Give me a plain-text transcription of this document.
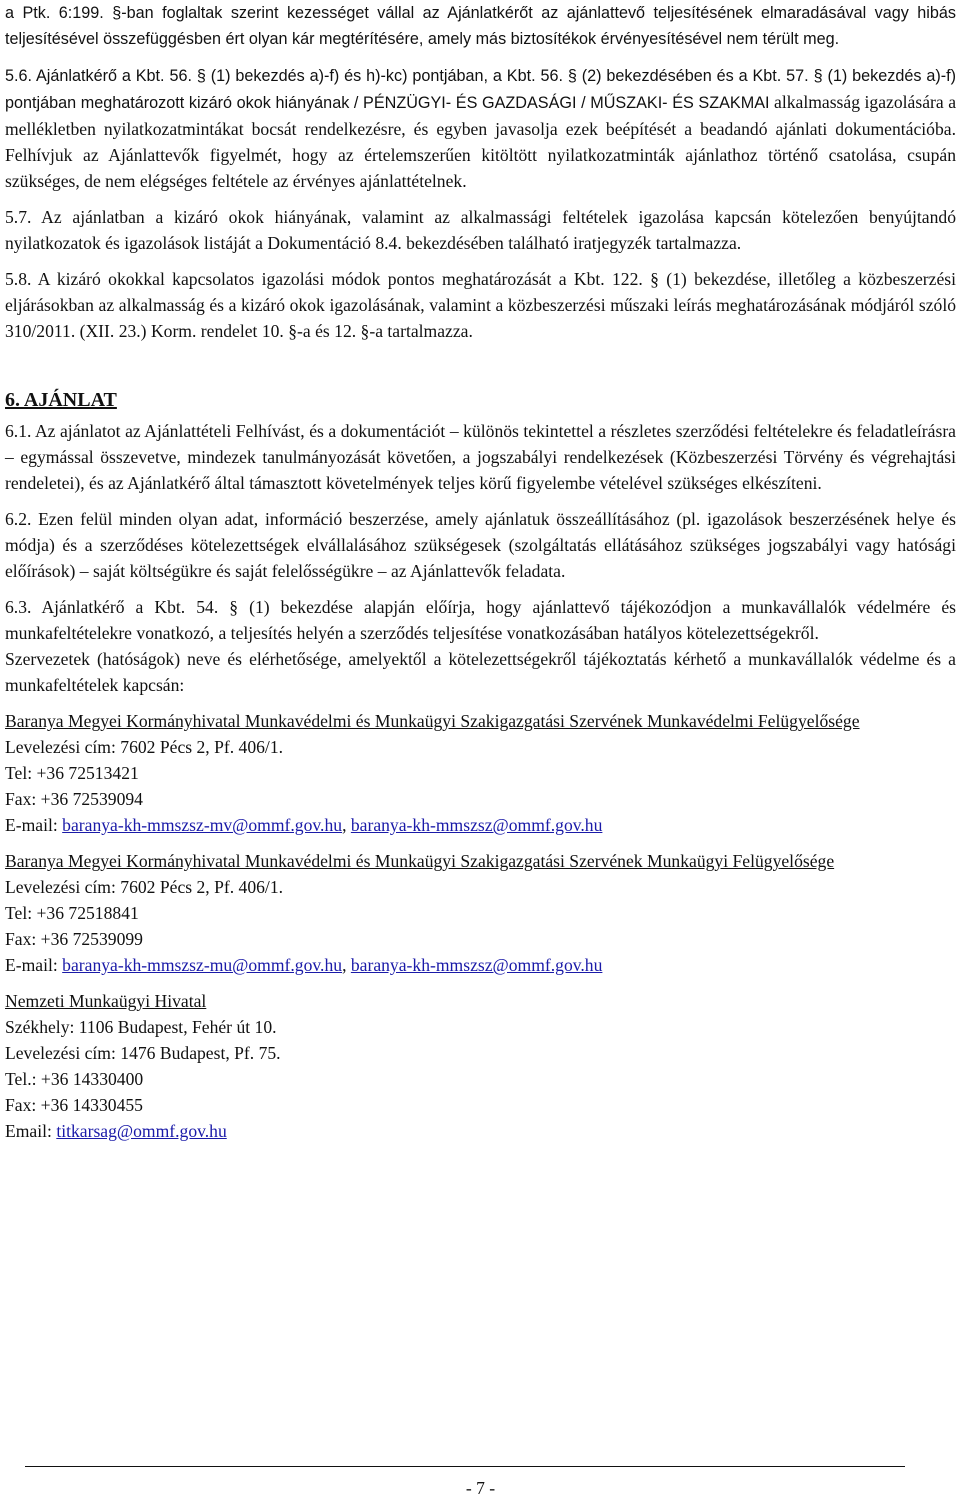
a Ptk. 6:199. §-ban foglaltak szerint kezességet vállal az Ajánlatkérőt az ajánlattevő teljesítésének elmaradásával vagy hibás teljesítésével összefüggésben ért olyan kár megtérítésére, amely más biztosítékok érvényesítésével nem térült meg.

5.6. Ajánlatkérő a Kbt. 56. § (1) bekezdés a)-f) és h)-kc) pontjában, a Kbt. 56. § (2) bekezdésében és a Kbt. 57. § (1) bekezdés a)-f) pontjában meghatározott kizáró okok hiányának / PÉNZÜGYI- ÉS GAZDASÁGI / MŰSZAKI- ÉS SZAKMAI alkalmasság igazolására a mellékletben nyilatkozatmintákat bocsát rendelkezésre, és egyben javasolja ezek beépítését a beadandó ajánlati dokumentációba. Felhívjuk az Ajánlattevők figyelmét, hogy az értelemszerűen kitöltött nyilatkozatminták ajánlathoz történő csatolása, csupán szükséges, de nem elégséges feltétele az érvényes ajánlattételnek.

5.7. Az ajánlatban a kizáró okok hiányának, valamint az alkalmassági feltételek igazolása kapcsán kötelezően benyújtandó nyilatkozatok és igazolások listáját a Dokumentáció 8.4. bekezdésében található iratjegyzék tartalmazza.

5.8. A kizáró okokkal kapcsolatos igazolási módok pontos meghatározását a Kbt. 122. § (1) bekezdése, illetőleg a közbeszerzési eljárásokban az alkalmasság és a kizáró okok igazolásának, valamint a közbeszerzési műszaki leírás meghatározásának módjáról szóló 310/2011. (XII. 23.) Korm. rendelet 10. §-a és 12. §-a tartalmazza.

6. AJÁNLAT

6.1. Az ajánlatot az Ajánlattételi Felhívást, és a dokumentációt – különös tekintettel a részletes szerződési feltételekre és feladatleírásra – egymással összevetve, mindezek tanulmányozását követően, a jogszabályi rendelkezések (Közbeszerzési Törvény és végrehajtási rendeletei), és az Ajánlatkérő által támasztott követelmények teljes körű figyelembe vételével szükséges elkészíteni.

6.2. Ezen felül minden olyan adat, információ beszerzése, amely ajánlatuk összeállításához (pl. igazolások beszerzésének helye és módja) és a szerződéses kötelezettségek elvállalásához szükségesek (szolgáltatás ellátásához szükséges jogszabályi vagy hatósági előírások) – saját költségükre és saját felelősségükre – az Ajánlattevők feladata.

6.3. Ajánlatkérő a Kbt. 54. § (1) bekezdése alapján előírja, hogy ajánlattevő tájékozódjon a munkavállalók védelmére és munkafeltételekre vonatkozó, a teljesítés helyén a szerződés teljesítése vonatkozásában hatályos kötelezettségekről.

Szervezetek (hatóságok) neve és elérhetősége, amelyektől a kötelezettségekről tájékoztatás kérhető a munkavállalók védelme és a munkafeltételek kapcsán:

Baranya Megyei Kormányhivatal Munkavédelmi és Munkaügyi Szakigazgatási Szervének Munkavédelmi Felügyelősége

Levelezési cím: 7602 Pécs 2, Pf. 406/1.

Tel: +36 72513421

Fax: +36 72539094

E-mail: baranya-kh-mmszsz-mv@ommf.gov.hu, baranya-kh-mmszsz@ommf.gov.hu

Baranya Megyei Kormányhivatal Munkavédelmi és Munkaügyi Szakigazgatási Szervének Munkaügyi Felügyelősége

Levelezési cím: 7602 Pécs 2, Pf. 406/1.

Tel: +36 72518841

Fax: +36 72539099

E-mail: baranya-kh-mmszsz-mu@ommf.gov.hu, baranya-kh-mmszsz@ommf.gov.hu

Nemzeti Munkaügyi Hivatal

Székhely: 1106 Budapest, Fehér út 10.

Levelezési cím: 1476 Budapest, Pf. 75.

Tel.: +36 14330400

Fax: +36 14330455

Email: titkarsag@ommf.gov.hu

- 7 -
